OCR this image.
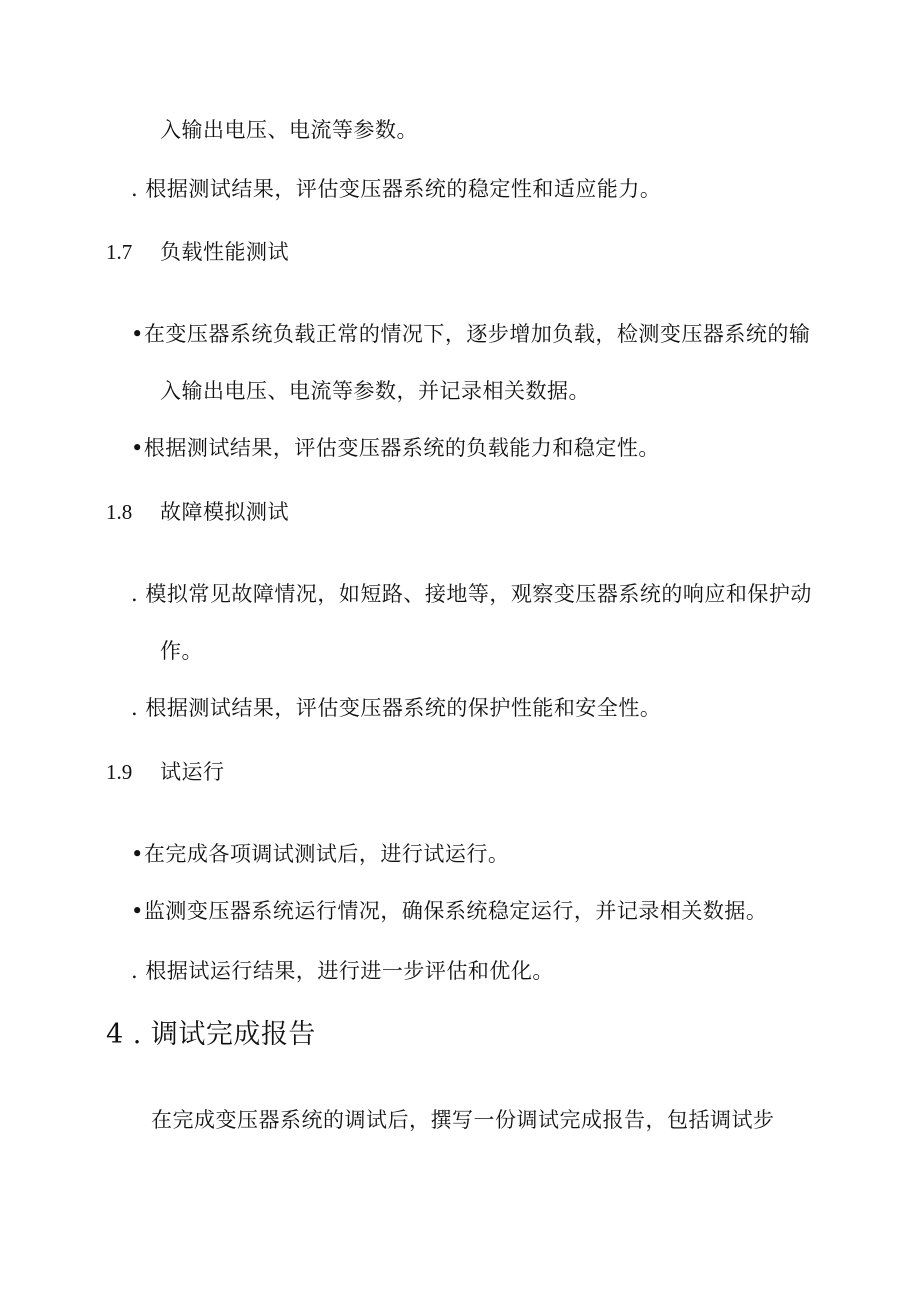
入输出电压、电流等参数。
. 根据测试结果，评估变压器系统的稳定性和适应能力。
1.7 负载性能测试
•在变压器系统负载正常的情况下，逐步增加负载，检测变压器系统的输
入输出电压、电流等参数，并记录相关数据。
•根据测试结果，评估变压器系统的负载能力和稳定性。
1.8 故障模拟测试
. 模拟常见故障情况，如短路、接地等，观察变压器系统的响应和保护动
作。
. 根据测试结果，评估变压器系统的保护性能和安全性。
1.9 试运行
•在完成各项调试测试后，进行试运行。
•监测变压器系统运行情况，确保系统稳定运行，并记录相关数据。
. 根据试运行结果，进行进一步评估和优化。
4 . 调试完成报告
在完成变压器系统的调试后，撰写一份调试完成报告，包括调试步
